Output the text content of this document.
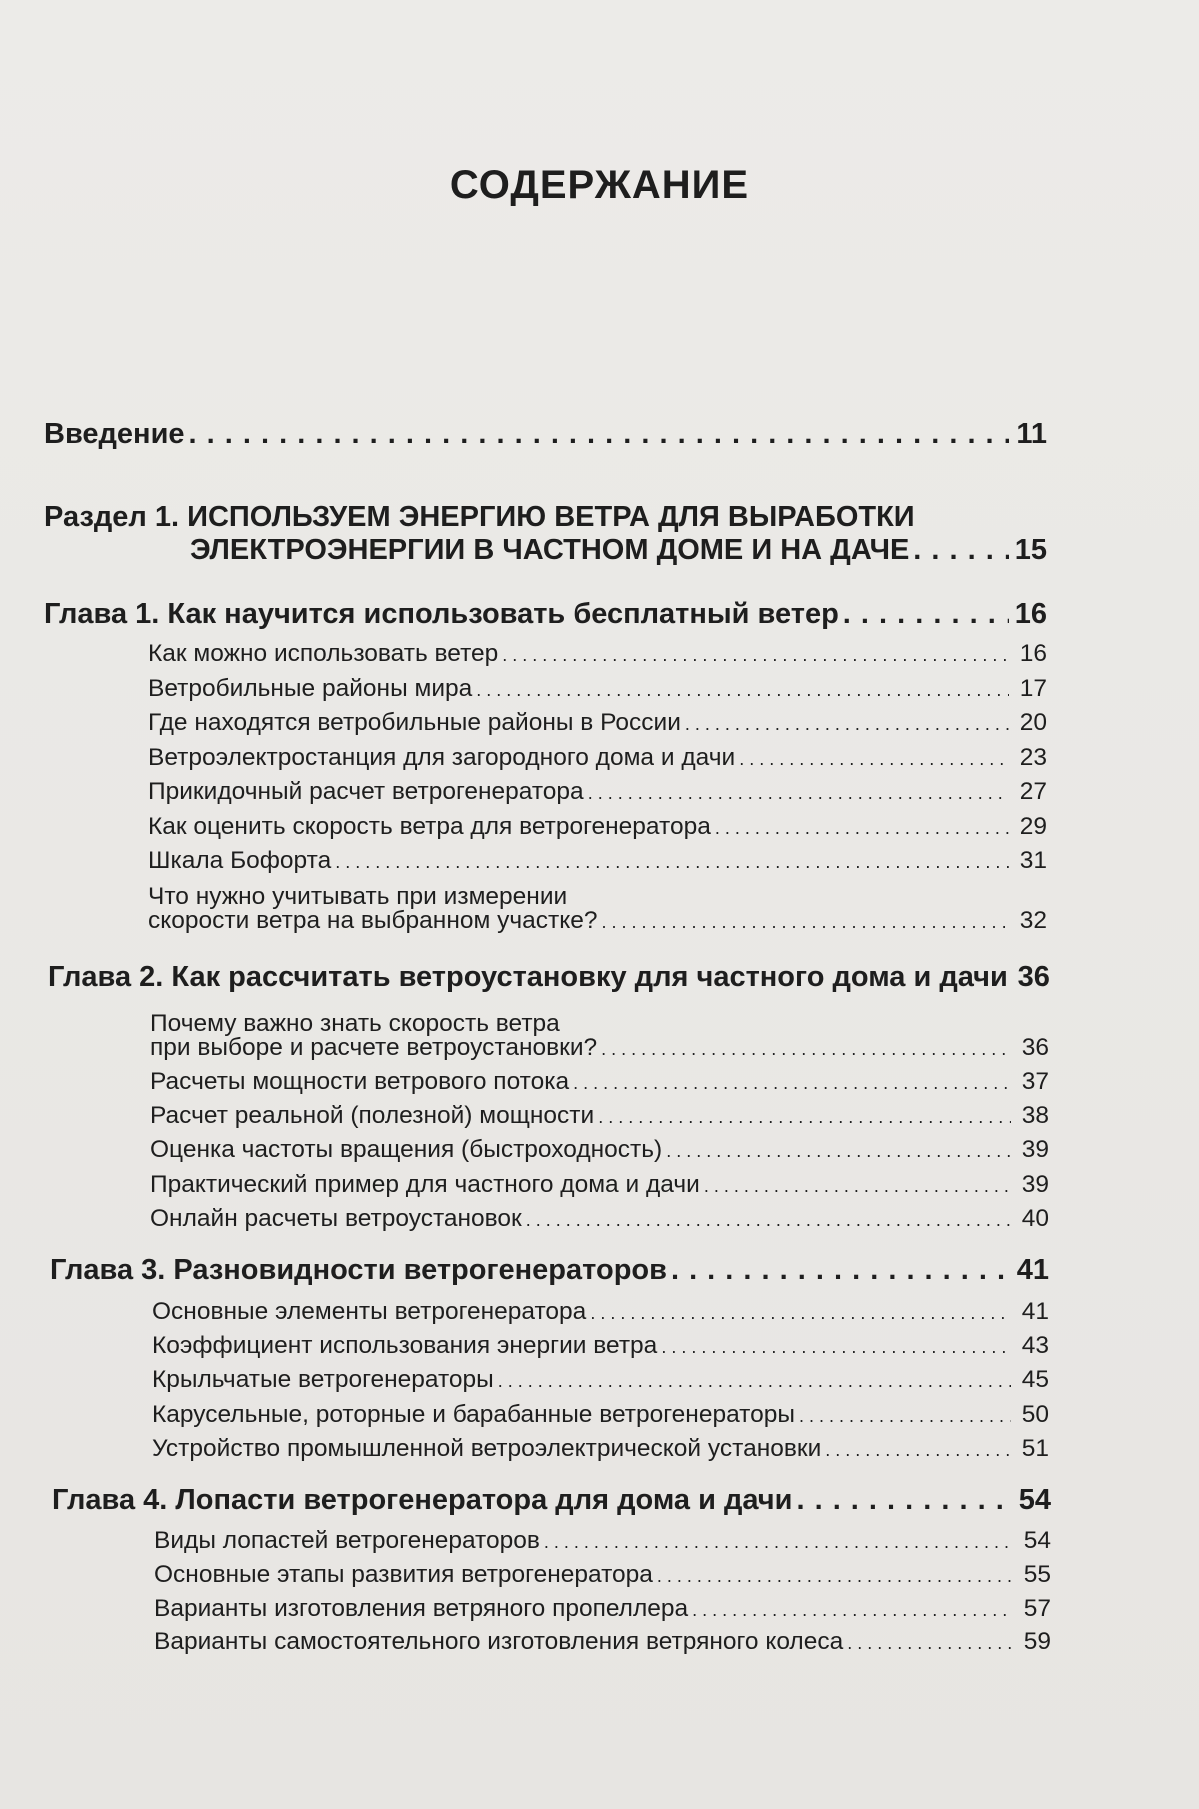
СОДЕРЖАНИЕ
Введение . . .	11
Раздел 1. ИСПОЛЬЗУЕМ ЭНЕРГИЮ ВЕТРА ДЛЯ ВЫРАБОТКИ
ЭЛЕКТРОЭНЕРГИИ В ЧАСТНОМ ДОМЕ И НА ДАЧЕ . . .	15
Глава 1. Как научится использовать бесплатный ветер . . .	16
Как можно использовать ветер . . .	16
Ветробильные районы мира . . .	17
Где находятся ветробильные районы в России . . .	20
Ветроэлектростанция для загородного дома и дачи . . .	23
Прикидочный расчет ветрогенератора . . .	27
Как оценить скорость ветра для ветрогенератора . . .	29
Шкала Бофорта . . .	31
Что нужно учитывать при измерении
скорости ветра на выбранном участке? . . .	32
Глава 2. Как рассчитать ветроустановку для частного дома и дачи 36
Почему важно знать скорость ветра
при выборе и расчете ветроустановки? . . .	36
Расчеты мощности ветрового потока . . .	37
Расчет реальной (полезной) мощности . . .	38
Оценка частоты вращения (быстроходность) . . .	39
Практический пример для частного дома и дачи . . .	39
Онлайн расчеты ветроустановок . . .	40
Глава 3. Разновидности ветрогенераторов . . .	41
Основные элементы ветрогенератора . . .	41
Коэффициент использования энергии ветра . . .	43
Крыльчатые ветрогенераторы . . .	45
Карусельные, роторные и барабанные ветрогенераторы . . .	50
Устройство промышленной ветроэлектрической установки . . .	51
Глава 4. Лопасти ветрогенератора для дома и дачи . . .	54
Виды лопастей ветрогенераторов . . .	54
Основные этапы развития ветрогенератора . . .	55
Варианты изготовления ветряного пропеллера . . .	57
Варианты самостоятельного изготовления ветряного колеса . . .	59
